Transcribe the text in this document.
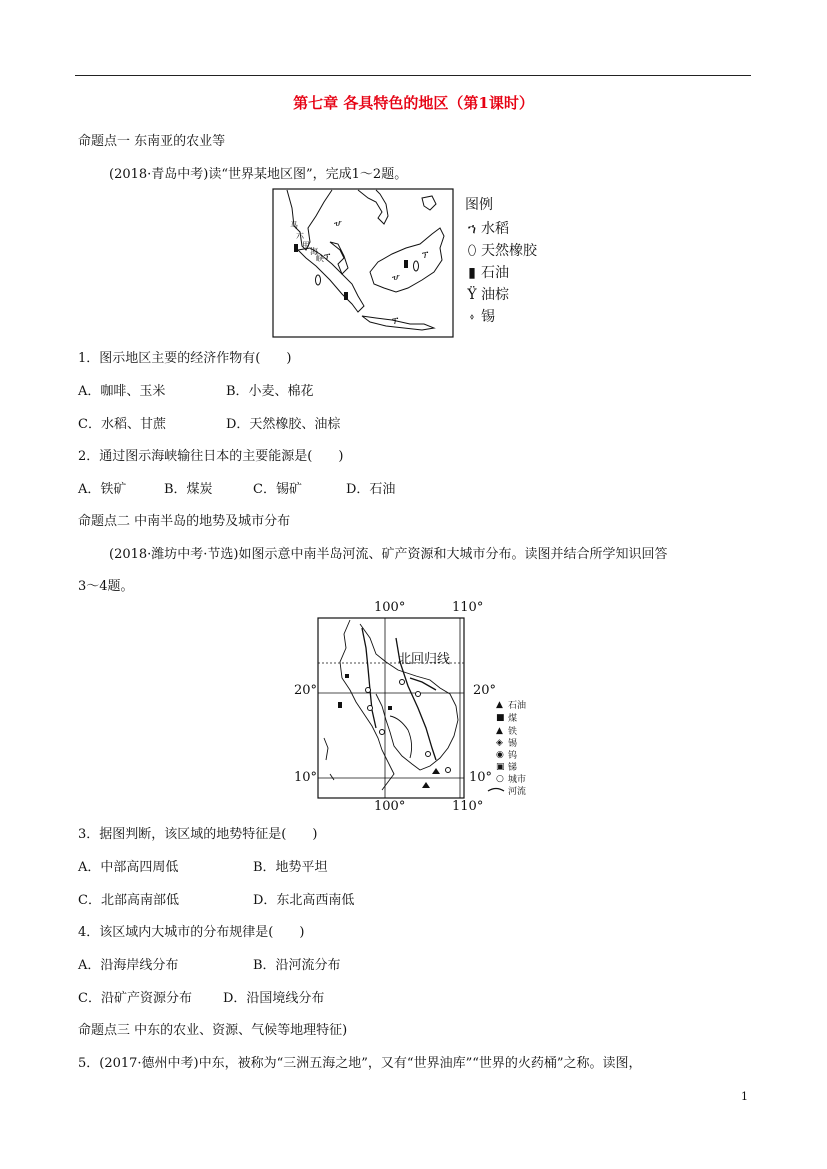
第七章 各具特色的地区（第1课时）
命题点一 东南亚的农业等
(2018·青岛中考)读“世界某地区图”，完成1～2题。
马
六
甲
海
峡 ፕ	ፕ
ፕ
ሇ
ሇ
图例
ኀ 水稻
⬯ 天然橡胶
▮ 石油
Ϋ 油棕
⬫ 锡
1．图示地区主要的经济作物有(　　)
A．咖啡、玉米	B．小麦、棉花
C．水稻、甘蔗	D．天然橡胶、油棕
2．通过图示海峡输往日本的主要能源是(　　)
A．铁矿	B．煤炭	C．锡矿	D．石油
命题点二 中南半岛的地势及城市分布
(2018·潍坊中考·节选)如图示意中南半岛河流、矿产资源和大城市分布。读图并结合所学知识回答
3～4题。
100°	110°
20°	20°
10°	10°
100°	110°
北回归线
▲ 石油
■ 煤
▲ 铁
◈ 锡
◉ 钨
▣ 锑
○ 城市
河流
3．据图判断，该区域的地势特征是(　　)
A．中部高四周低	B．地势平坦
C．北部高南部低	D．东北高西南低
4．该区域内大城市的分布规律是(　　)
A．沿海岸线分布	B．沿河流分布
C．沿矿产资源分布 D．沿国境线分布
命题点三 中东的农业、资源、气候等地理特征)
5．(2017·德州中考)中东，被称为“三洲五海之地”，又有“世界油库”“世界的火药桶”之称。读图，
1
